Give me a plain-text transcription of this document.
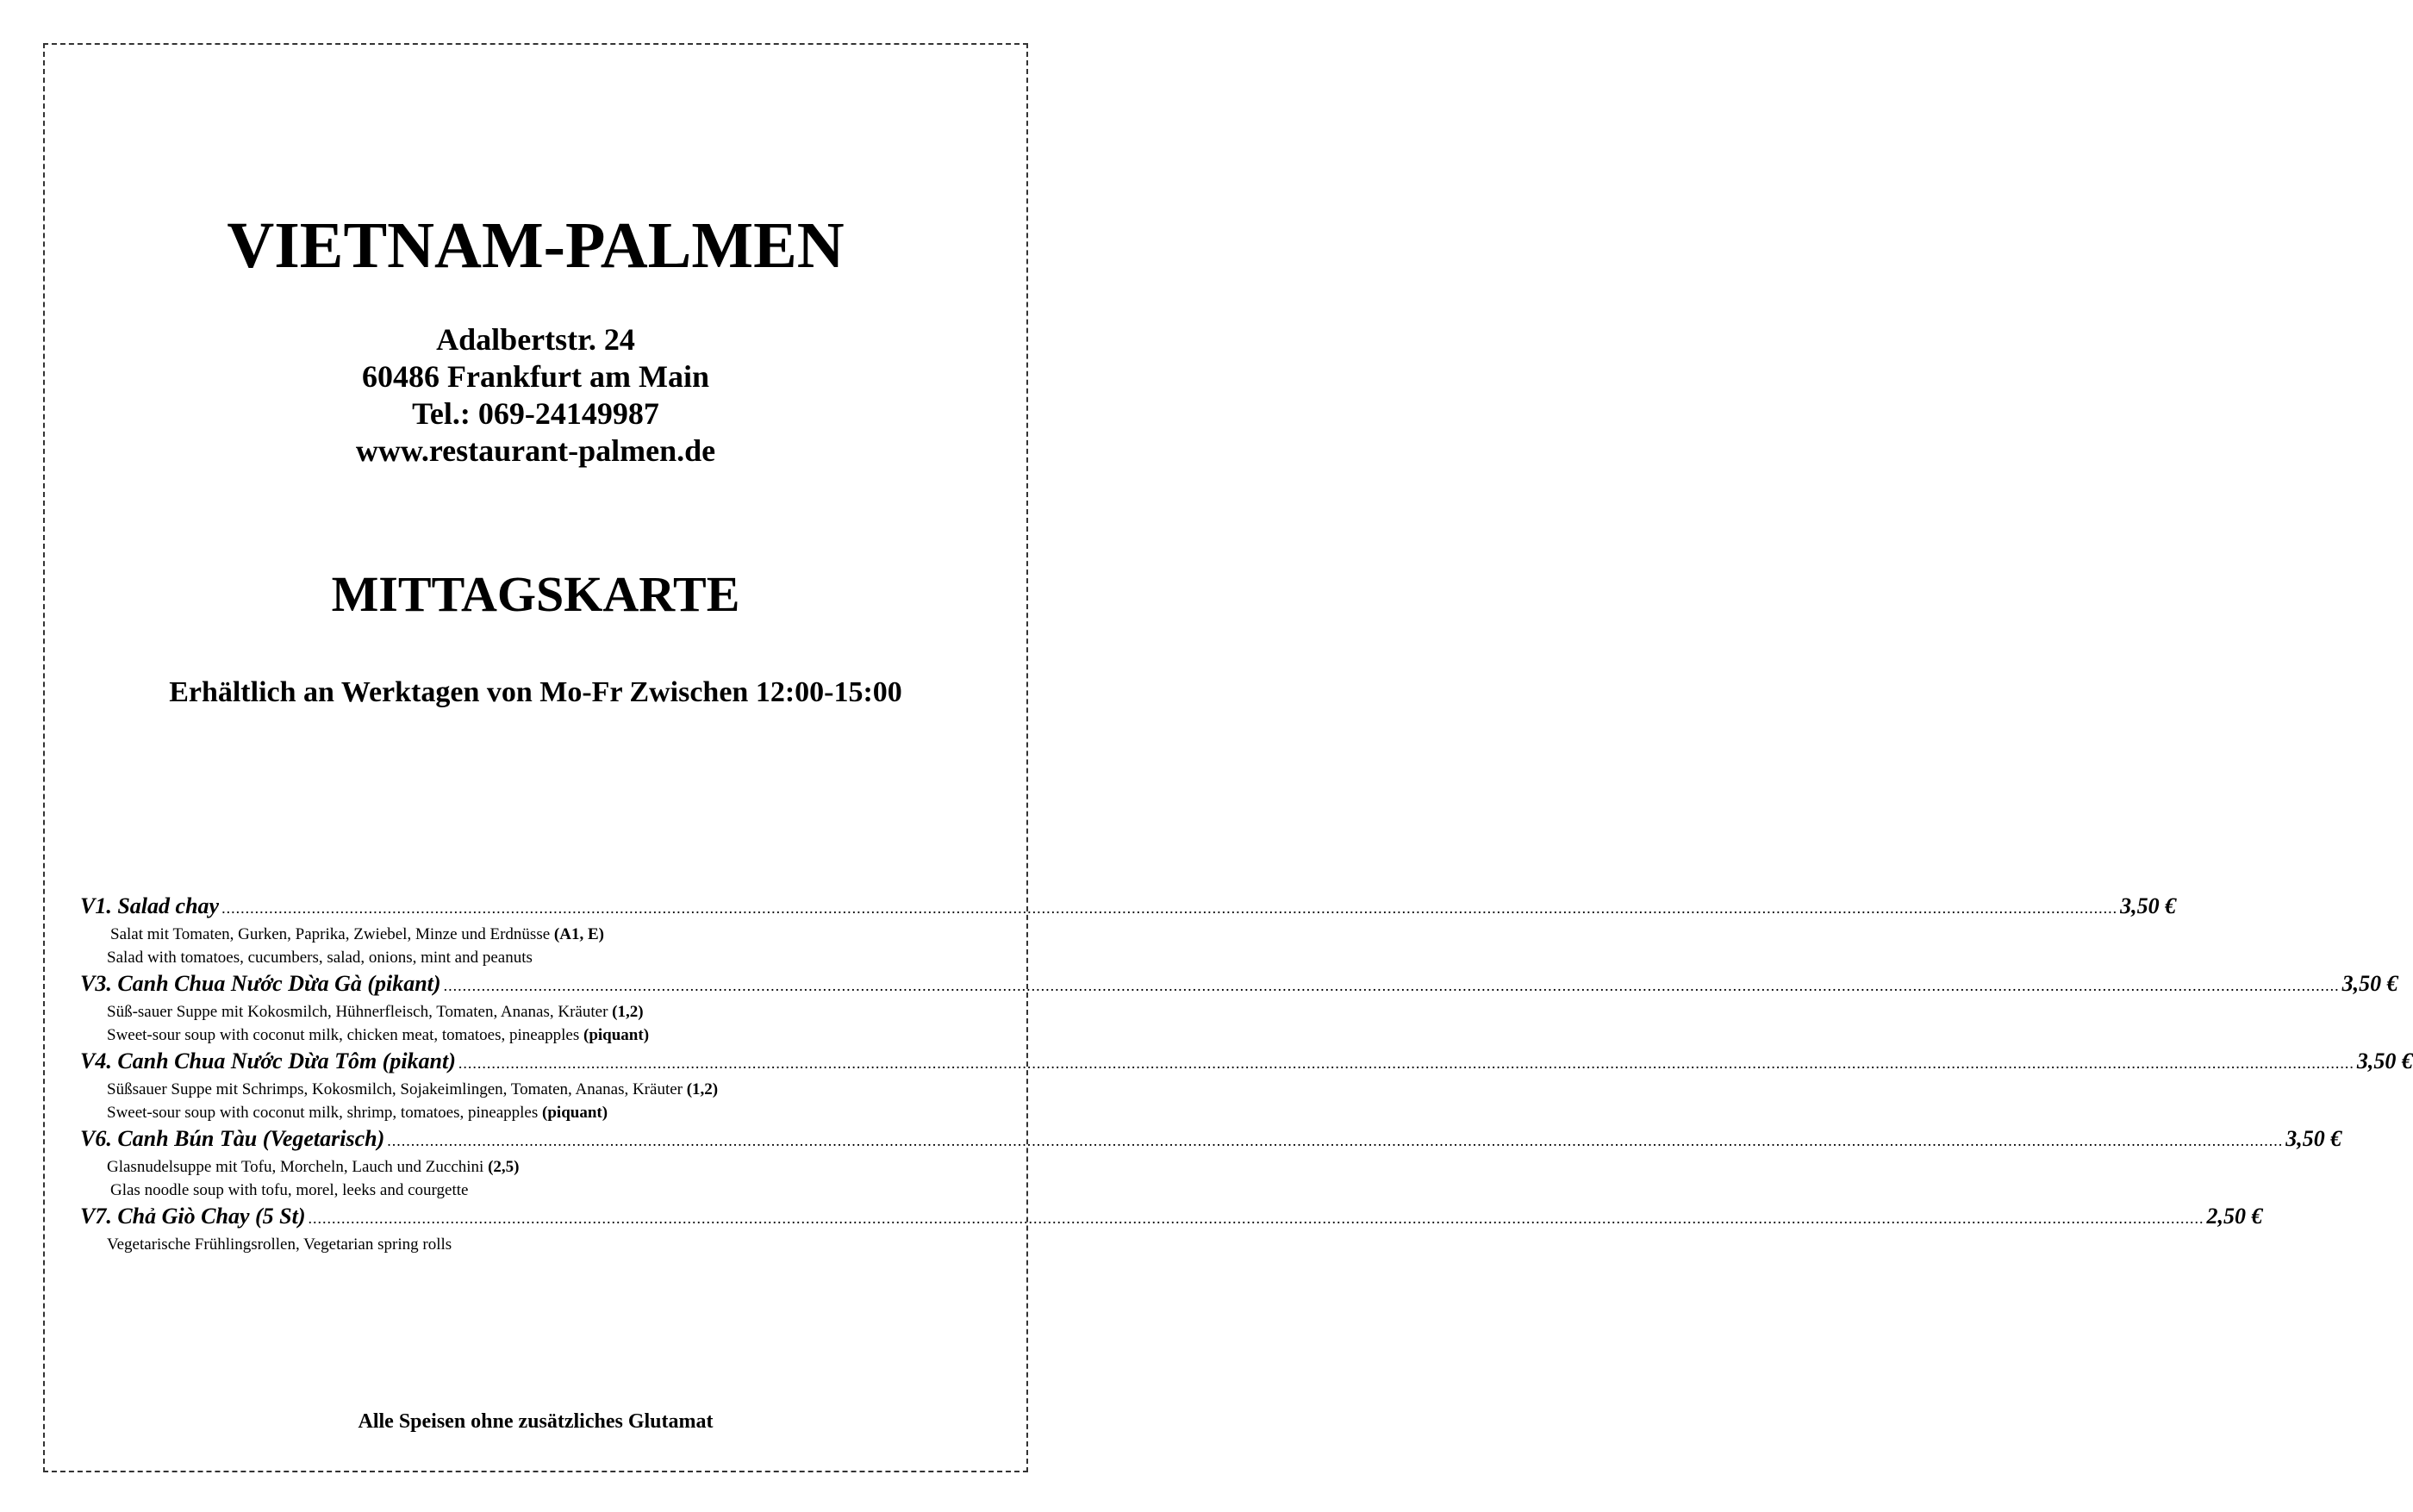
VIETNAM-PALMEN
Adalbertstr. 24
60486 Frankfurt am Main
Tel.: 069-24149987
www.restaurant-palmen.de
MITTAGSKARTE
Erhältlich an Werktagen von Mo-Fr Zwischen 12:00-15:00
V1. Salad chay ................................................................................................................................................................................................................................................................................................................................................................................................................ 3,50 €
Salat mit Tomaten, Gurken, Paprika, Zwiebel, Minze und Erdnüsse (A1, E)
Salad with tomatoes, cucumbers, salad, onions, mint and peanuts
V3. Canh Chua Nước Dừa Gà (pikant) ................................................................................................................................................................................................................................................................................................................................................................................................................ 3,50 €
Süß-sauer Suppe mit Kokosmilch, Hühnerfleisch, Tomaten, Ananas, Kräuter (1,2)
Sweet-sour soup with coconut milk, chicken meat, tomatoes, pineapples (piquant)
V4. Canh Chua Nước Dừa Tôm (pikant) ................................................................................................................................................................................................................................................................................................................................................................................................................ 3,50 €
Süßsauer Suppe mit Schrimps, Kokosmilch, Sojakeimlingen, Tomaten, Ananas, Kräuter (1,2)
Sweet-sour soup with coconut milk, shrimp, tomatoes, pineapples (piquant)
V6. Canh Bún Tàu (Vegetarisch) ................................................................................................................................................................................................................................................................................................................................................................................................................ 3,50 €
Glasnudelsuppe mit Tofu, Morcheln, Lauch und Zucchini (2,5)
Glas noodle soup with tofu, morel, leeks and courgette
V7. Chả Giò Chay (5 St) ................................................................................................................................................................................................................................................................................................................................................................................................................ 2,50 €
Vegetarische Frühlingsrollen, Vegetarian spring rolls
Alle Speisen ohne zusätzliches Glutamat
